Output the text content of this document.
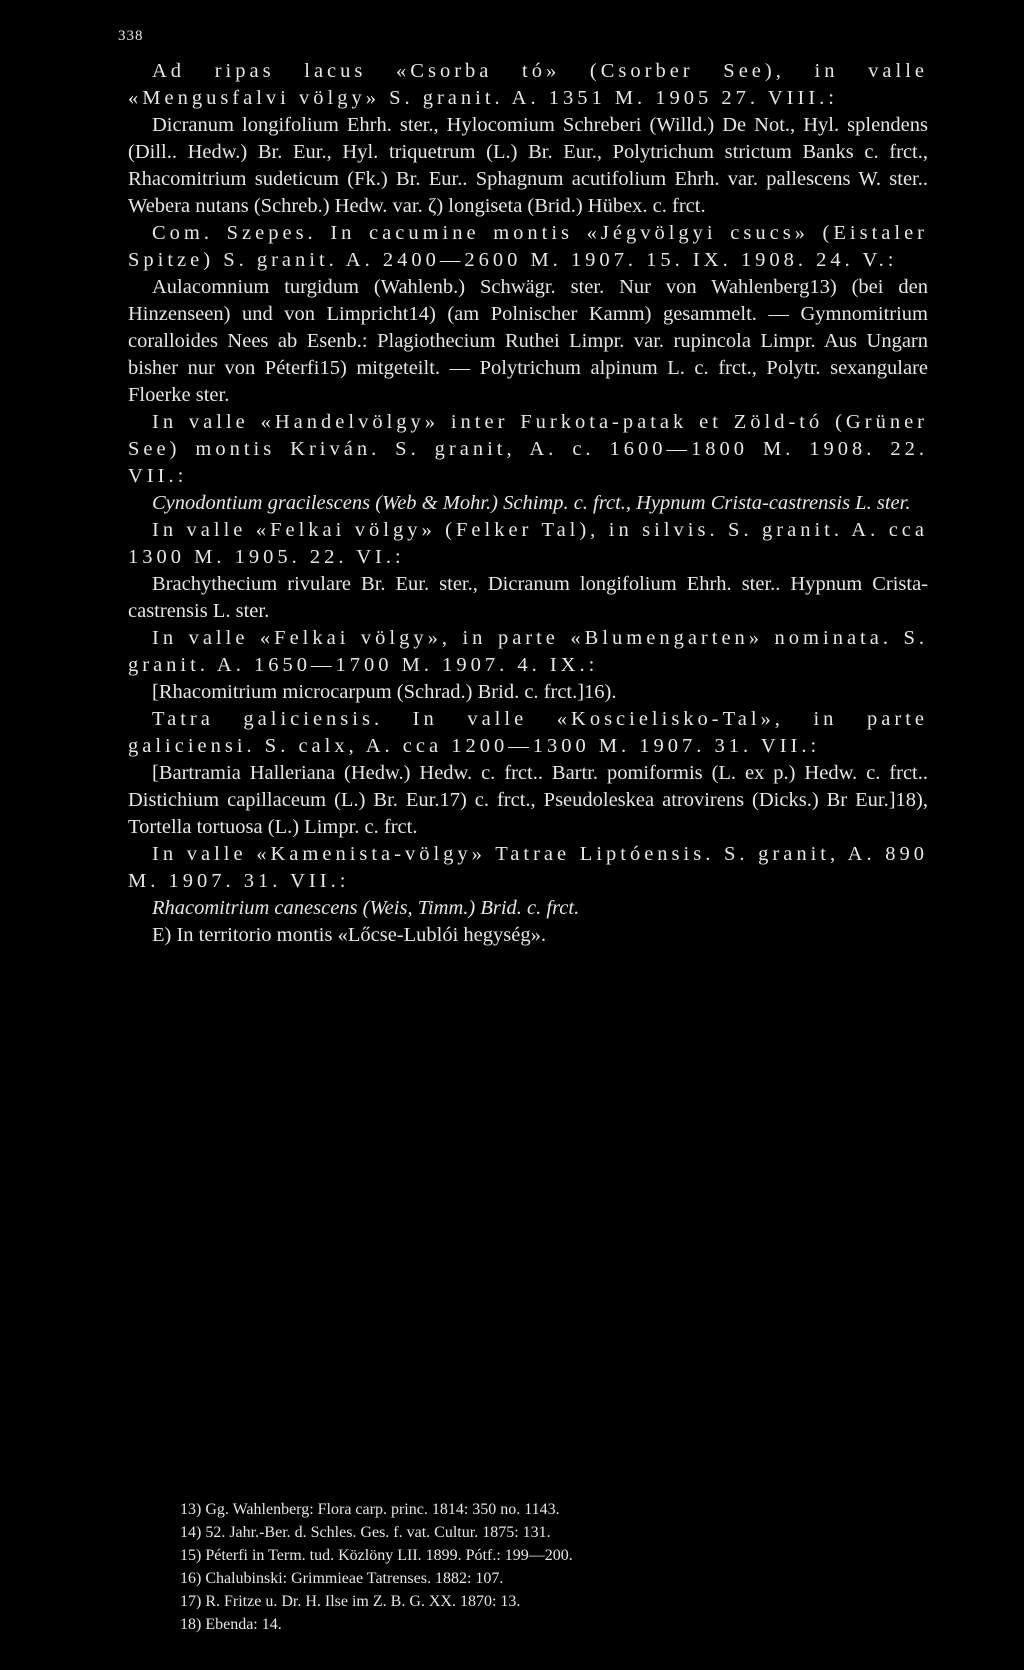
338

Ad ripas lacus «Csorba tó» (Csorber See), in valle «Mengusfalvi völgy» S. granit. A. 1351 M. 1905 27. VIII.:

Dicranum longifolium Ehrh. ster., Hylocomium Schreberi (Willd.) De Not., Hyl. splendens (Dill.. Hedw.) Br. Eur., Hyl. triquetrum (L.) Br. Eur., Polytrichum strictum Banks c. frct., Rhacomitrium sudeticum (Fk.) Br. Eur.. Sphagnum acutifolium Ehrh. var. pallescens W. ster.. Webera nutans (Schreb.) Hedw. var. ζ) longiseta (Brid.) Hübex. c. frct.

Com. Szepes. In cacumine montis «Jégvölgyi csucs» (Eistaler Spitze) S. granit. A. 2400—2600 M. 1907. 15. IX. 1908. 24. V.:

Aulacomnium turgidum (Wahlenb.) Schwägr. ster. Nur von Wahlenberg13) (bei den Hinzenseen) und von Limpricht14) (am Polnischer Kamm) gesammelt. — Gymnomitrium coralloides Nees ab Esenb.: Plagiothecium Ruthei Limpr. var. rupincola Limpr. Aus Ungarn bisher nur von Péterfi15) mitgeteilt. — Polytrichum alpinum L. c. frct., Polytr. sexangulare Floerke ster.

In valle «Handelvölgy» inter Furkota-patak et Zöld-tó (Grüner See) montis Kriván. S. granit, A. c. 1600—1800 M. 1908. 22. VII.:

Cynodontium gracilescens (Web & Mohr.) Schimp. c. frct., Hypnum Crista-castrensis L. ster.

In valle «Felkai völgy» (Felker Tal), in silvis. S. granit. A. cca 1300 M. 1905. 22. VI.:

Brachythecium rivulare Br. Eur. ster., Dicranum longifolium Ehrh. ster.. Hypnum Crista-castrensis L. ster.

In valle «Felkai völgy», in parte «Blumengarten» nominata. S. granit. A. 1650—1700 M. 1907. 4. IX.:

[Rhacomitrium microcarpum (Schrad.) Brid. c. frct.]16).

Tatra galiciensis. In valle «Koscielisko-Tal», in parte galiciensi. S. calx, A. cca 1200—1300 M. 1907. 31. VII.:

[Bartramia Halleriana (Hedw.) Hedw. c. frct.. Bartr. pomiformis (L. ex p.) Hedw. c. frct.. Distichium capillaceum (L.) Br. Eur.17) c. frct., Pseudoleskea atrovirens (Dicks.) Br Eur.]18), Tortella tortuosa (L.) Limpr. c. frct.

In valle «Kamenista-völgy» Tatrae Liptóensis. S. granit, A. 890 M. 1907. 31. VII.:

Rhacomitrium canescens (Weis, Timm.) Brid. c. frct.

E) In territorio montis «Lőcse-Lublói hegység».

13) Gg. Wahlenberg: Flora carp. princ. 1814: 350 no. 1143.

14) 52. Jahr.-Ber. d. Schles. Ges. f. vat. Cultur. 1875: 131.

15) Péterfi in Term. tud. Közlöny LII. 1899. Pótf.: 199—200.

16) Chalubinski: Grimmieae Tatrenses. 1882: 107.

17) R. Fritze u. Dr. H. Ilse im Z. B. G. XX. 1870: 13.

18) Ebenda: 14.
